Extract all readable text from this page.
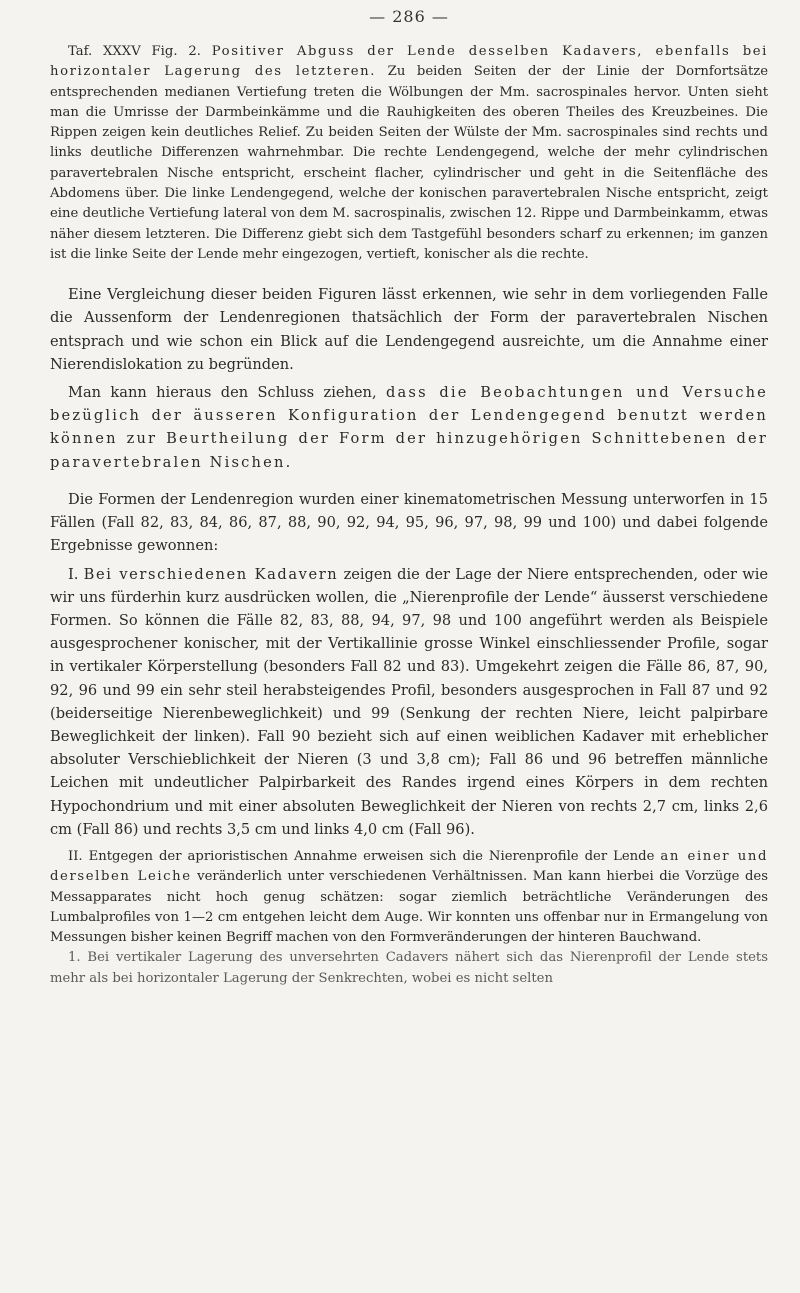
— 286 —

Taf. XXXV Fig. 2. Positiver Abguss der Lende desselben Kadavers, ebenfalls bei horizontaler Lagerung des letzteren. Zu beiden Seiten der der Linie der Dornfortsätze entsprechenden medianen Vertiefung treten die Wölbungen der Mm. sacrospinales hervor. Unten sieht man die Umrisse der Darmbeinkämme und die Rauhigkeiten des oberen Theiles des Kreuzbeines. Die Rippen zeigen kein deutliches Relief. Zu beiden Seiten der Wülste der Mm. sacrospinales sind rechts und links deutliche Differenzen wahrnehmbar. Die rechte Lendengegend, welche der mehr cylindrischen paravertebralen Nische entspricht, erscheint flacher, cylindrischer und geht in die Seitenfläche des Abdomens über. Die linke Lendengegend, welche der konischen paravertebralen Nische entspricht, zeigt eine deutliche Vertiefung lateral von dem M. sacrospinalis, zwischen 12. Rippe und Darmbeinkamm, etwas näher diesem letzteren. Die Differenz giebt sich dem Tastgefühl besonders scharf zu erkennen; im ganzen ist die linke Seite der Lende mehr eingezogen, vertieft, konischer als die rechte.

Eine Vergleichung dieser beiden Figuren lässt erkennen, wie sehr in dem vorliegenden Falle die Aussenform der Lendenregionen thatsächlich der Form der paravertebralen Nischen entsprach und wie schon ein Blick auf die Lendengegend ausreichte, um die Annahme einer Nierendislokation zu begründen.

Man kann hieraus den Schluss ziehen, dass die Beobachtungen und Versuche bezüglich der äusseren Konfiguration der Lendengegend benutzt werden können zur Beurtheilung der Form der hinzugehörigen Schnittebenen der paravertebralen Nischen.

Die Formen der Lendenregion wurden einer kinematometrischen Messung unterworfen in 15 Fällen (Fall 82, 83, 84, 86, 87, 88, 90, 92, 94, 95, 96, 97, 98, 99 und 100) und dabei folgende Ergebnisse gewonnen:

I. Bei verschiedenen Kadavern zeigen die der Lage der Niere entsprechenden, oder wie wir uns fürderhin kurz ausdrücken wollen, die „Nierenprofile der Lende“ äusserst verschiedene Formen. So können die Fälle 82, 83, 88, 94, 97, 98 und 100 angeführt werden als Beispiele ausgesprochener konischer, mit der Vertikallinie grosse Winkel einschliessender Profile, sogar in vertikaler Körperstellung (besonders Fall 82 und 83). Umgekehrt zeigen die Fälle 86, 87, 90, 92, 96 und 99 ein sehr steil herabsteigendes Profil, besonders ausgesprochen in Fall 87 und 92 (beiderseitige Nierenbeweglichkeit) und 99 (Senkung der rechten Niere, leicht palpirbare Beweglichkeit der linken). Fall 90 bezieht sich auf einen weiblichen Kadaver mit erheblicher absoluter Verschieblichkeit der Nieren (3 und 3,8 cm); Fall 86 und 96 betreffen männliche Leichen mit undeutlicher Palpirbarkeit des Randes irgend eines Körpers in dem rechten Hypochondrium und mit einer absoluten Beweglichkeit der Nieren von rechts 2,7 cm, links 2,6 cm (Fall 86) und rechts 3,5 cm und links 4,0 cm (Fall 96).

II. Entgegen der aprioristischen Annahme erweisen sich die Nierenprofile der Lende an einer und derselben Leiche veränderlich unter verschiedenen Verhältnissen. Man kann hierbei die Vorzüge des Messapparates nicht hoch genug schätzen: sogar ziemlich beträchtliche Veränderungen des Lumbalprofiles von 1—2 cm entgehen leicht dem Auge. Wir konnten uns offenbar nur in Ermangelung von Messungen bisher keinen Begriff machen von den Formveränderungen der hinteren Bauchwand.

1. Bei vertikaler Lagerung des unversehrten Cadavers nähert sich das Nierenprofil der Lende stets mehr als bei horizontaler Lagerung der Senkrechten, wobei es nicht selten
